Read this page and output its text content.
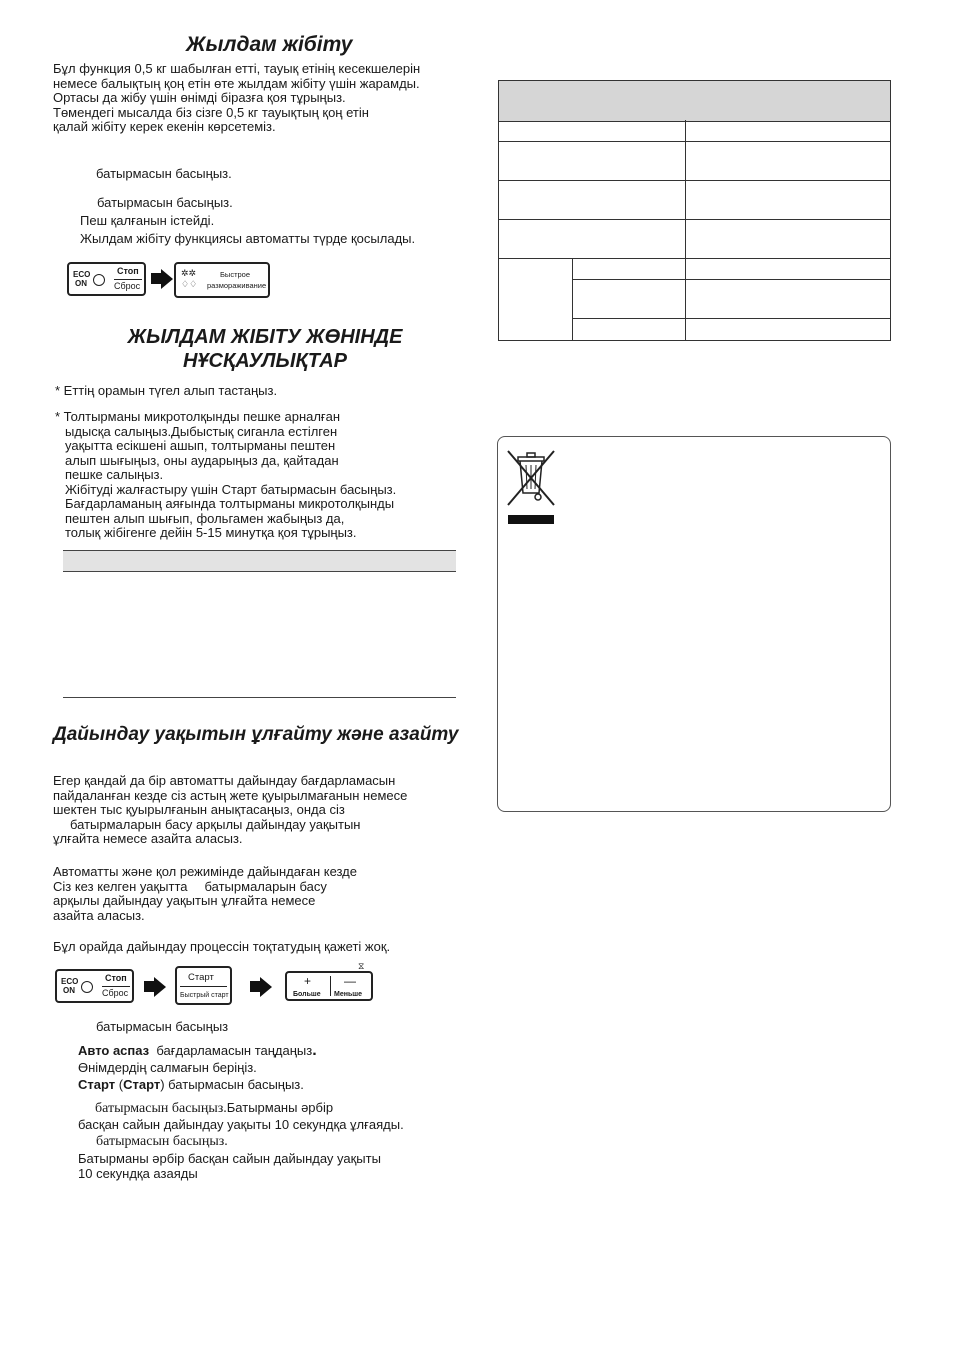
Жылдам жібіту
Бұл функция 0,5 кг шабылған етті, тауық етінің кесекшелерін
немесе балықтың қоң етін өте жылдам жібіту үшін жарамды.
Ортасы да жібу үшін өнімді біразға қоя тұрыңыз.
Төмендегі мысалда біз сізге 0,5 кг тауықтың қоң етін
қалай жібіту керек екенін көрсетеміз.
батырмасын басыңыз.
батырмасын басыңыз.
Пеш қалғанын істейді.
Жылдам жібіту функциясы автоматты түрде қосылады.
ECO
ON
Стоп
Сброс
✲✲
♢♢
Быстрое
размораживание
ЖЫЛДАМ ЖІБІТУ ЖӨНІНДЕ
НҰСҚАУЛЫҚТАР
* Еттің орамын түгел алып тастаңыз.
* Толтырманы микротолқынды пешке арналған
ыдысқа салыңыз.Дыбыстық сиганла естілген
уақытта есікшені ашып, толтырманы пештен
алып шығыңыз, оны аударыңыз да, қайтадан
пешке салыңыз.
Жібітуді жалғастыру үшін Старт батырмасын басыңыз.
Бағдарламаның аяғында толтырманы микротолқынды
пештен алып шығып, фольгамен жабыңыз да,
толық жібігенге дейін 5-15 минутқа қоя тұрыңыз.
Дайындау уақытын ұлғайту және азайту
Егер қандай да бір автоматты дайындау бағдарламасын
пайдаланған кезде сіз астың жете қуырылмағанын немесе
шектен тыс қуырылғанын анықтасаңыз, онда сіз
батырмаларын басу арқылы дайындау уақытын
ұлғайта немесе азайта аласыз.
Автоматты және қол режимінде дайындаған кезде
Сіз кез келген уақытта батырмаларын басу
арқылы дайындау уақытын ұлғайта немесе
азайта аласыз.
Бұл орайда дайындау процессін тоқтатудың қажеті жоқ.
ECO
ON
Стоп
Сброс
Старт
Быстрый старт
⧖
+	—
Больше Меньше
батырмасын басыңыз
Авто аспаз бағдарламасын таңдаңыз.
Өнімдердің салмағын беріңіз.
Старт (Старт) батырмасын басыңыз.
батырмасын басыңыз.Батырманы әрбір
басқан сайын дайындау уақыты 10 секундқа ұлғаяды.
батырмасын басыңыз.
Батырманы әрбір басқан сайын дайындау уақыты
10 секундқа азаяды
